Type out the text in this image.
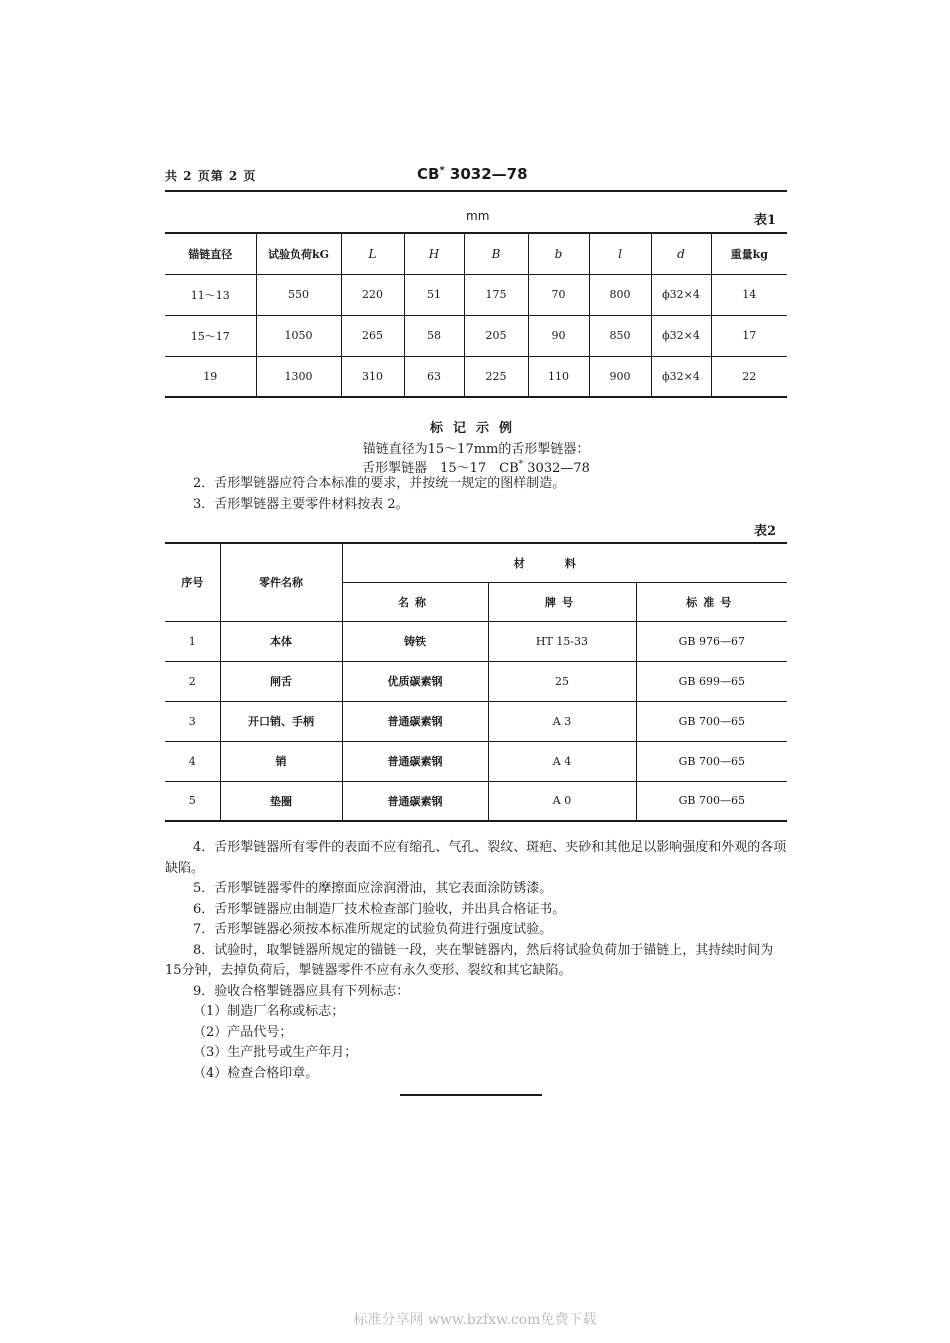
共 2 页第 2 页	CB* 3032—78
mm	表1
锚链直径	试验负荷kG	L	H	B	b	l	d	重量kg
11～13	550	220	51	175	70	800	ϕ32×4	14
15～17	1050	265	58	205	90	850	ϕ32×4	17
19	1300	310	63	225	110	900	ϕ32×4	22
标记示例
锚链直径为15～17mm的舌形掣链器：
舌形掣链器　15～17　CB* 3032—78
2．舌形掣链器应符合本标准的要求，并按统一规定的图样制造。
3．舌形掣链器主要零件材料按表 2。
表2
序号	零件名称	材料		
		名称	牌号	标准号
1	本体	铸铁	HT 15-33	GB 976—67
2	闸舌	优质碳素钢	25	GB 699—65
3	开口销、手柄	普通碳素钢	A 3	GB 700—65
4	销	普通碳素钢	A 4	GB 700—65
5	垫圈	普通碳素钢	A 0	GB 700—65

4．舌形掣链器所有零件的表面不应有缩孔、气孔、裂纹、斑疤、夹砂和其他足以影响强度和外观的各项缺陷。

5．舌形掣链器零件的摩擦面应涂润滑油，其它表面涂防锈漆。

6．舌形掣链器应由制造厂技术检查部门验收，并出具合格证书。

7．舌形掣链器必须按本标准所规定的试验负荷进行强度试验。

8．试验时，取掣链器所规定的锚链一段，夹在掣链器内，然后将试验负荷加于锚链上，其持续时间为15分钟，去掉负荷后，掣链器零件不应有永久变形、裂纹和其它缺陷。

9．验收合格掣链器应具有下列标志：

（1）制造厂名称或标志；

（2）产品代号；

（3）生产批号或生产年月；

（4）检查合格印章。

标准分享网 www.bzfxw.com免费下载
